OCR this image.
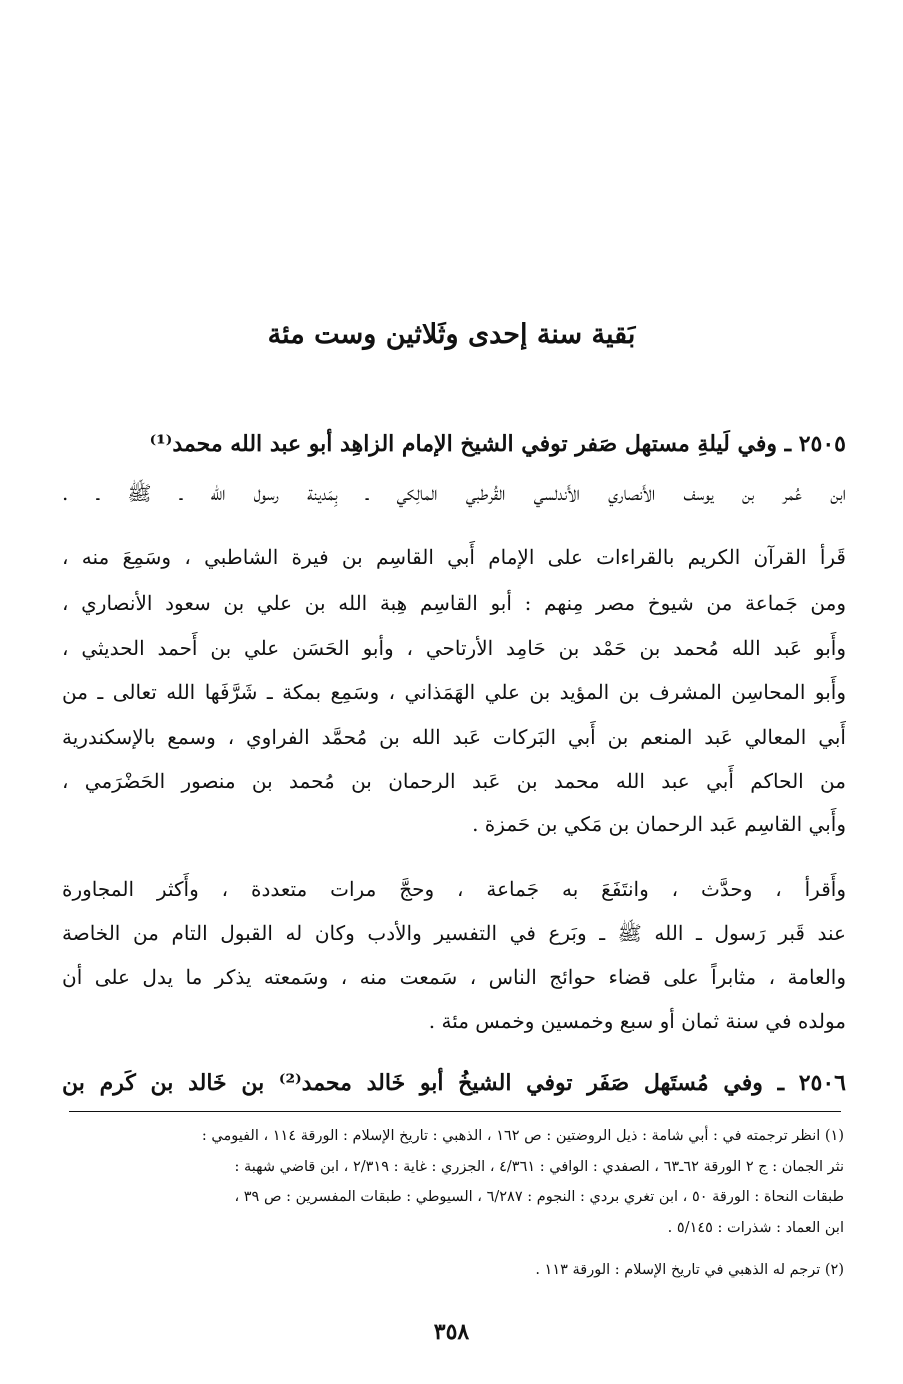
بَقية سنة إحدى وثَلاثين وست مئة
٢٥٠٥ ـ وفي لَيلةِ مستهل صَفر توفي الشيخ الإمام الزاهِد أبو عبد الله محمد⁽¹⁾
ابن عُمر بن يوسف الأَنصاري الأَندلسي القُرطبي المالِكي ـ بِمَدينة رسول الله ـ ﷺ ـ .
قَرأ القرآن الكريم بالقراءات على الإمام أَبي القاسِم بن فيرة الشاطبي ، وسَمِعَ منه ،
ومن جَماعة من شيوخ مصر مِنهم : أبو القاسِم هِبة الله بن علي بن سعود الأنصاري ،
وأَبو عَبد الله مُحمد بن حَمْد بن حَامِد الأرتاحي ، وأبو الحَسَن علي بن أَحمد الحديثي ،
وأَبو المحاسِن المشرف بن المؤيد بن علي الهَمَذاني ، وسَمِع بمكة ـ شَرَّفَها الله تعالى ـ من
أَبي المعالي عَبد المنعم بن أَبي البَركات عَبد الله بن مُحمَّد الفراوي ، وسمع بالإسكندرية
من الحاكم أَبي عبد الله محمد بن عَبد الرحمان بن مُحمد بن منصور الحَضْرَمي ،
وأَبي القاسِم عَبد الرحمان بن مَكي بن حَمزة .
وأَقرأ ، وحدَّث ، وانتَفَعَ به جَماعة ، وحجَّ مرات متعددة ، وأَكثر المجاورة
عند قَبر رَسول ـ الله ﷺ ـ وبَرع في التفسير والأدب وكان له القبول التام من الخاصة
والعامة ، مثابراً على قضاء حوائج الناس ، سَمعت منه ، وسَمعته يذكر ما يدل على أن
مولده في سنة ثمان أو سبع وخمسين وخمس مئة .
٢٥٠٦ ـ وفي مُستَهل صَفَر توفي الشيخُ أبو خَالد محمد⁽²⁾ بن خَالد بن كَرم بن
(١) انظر ترجمته في : أبي شامة : ذيل الروضتين : ص ١٦٢ ، الذهبي : تاريخ الإسلام : الورقة ١١٤ ، الفيومي :
نثر الجمان : ج ٢ الورقة ٦٢ـ٦٣ ، الصفدي : الوافي : ٤/٣٦١ ، الجزري : غاية : ٢/٣١٩ ، ابن قاضي شهبة :
طبقات النحاة : الورقة ٥٠ ، ابن تغري بردي : النجوم : ٦/٢٨٧ ، السيوطي : طبقات المفسرين : ص ٣٩ ،
ابن العماد : شذرات : ٥/١٤٥ .
(٢) ترجم له الذهبي في تاريخ الإسلام : الورقة ١١٣ .
٣٥٨
